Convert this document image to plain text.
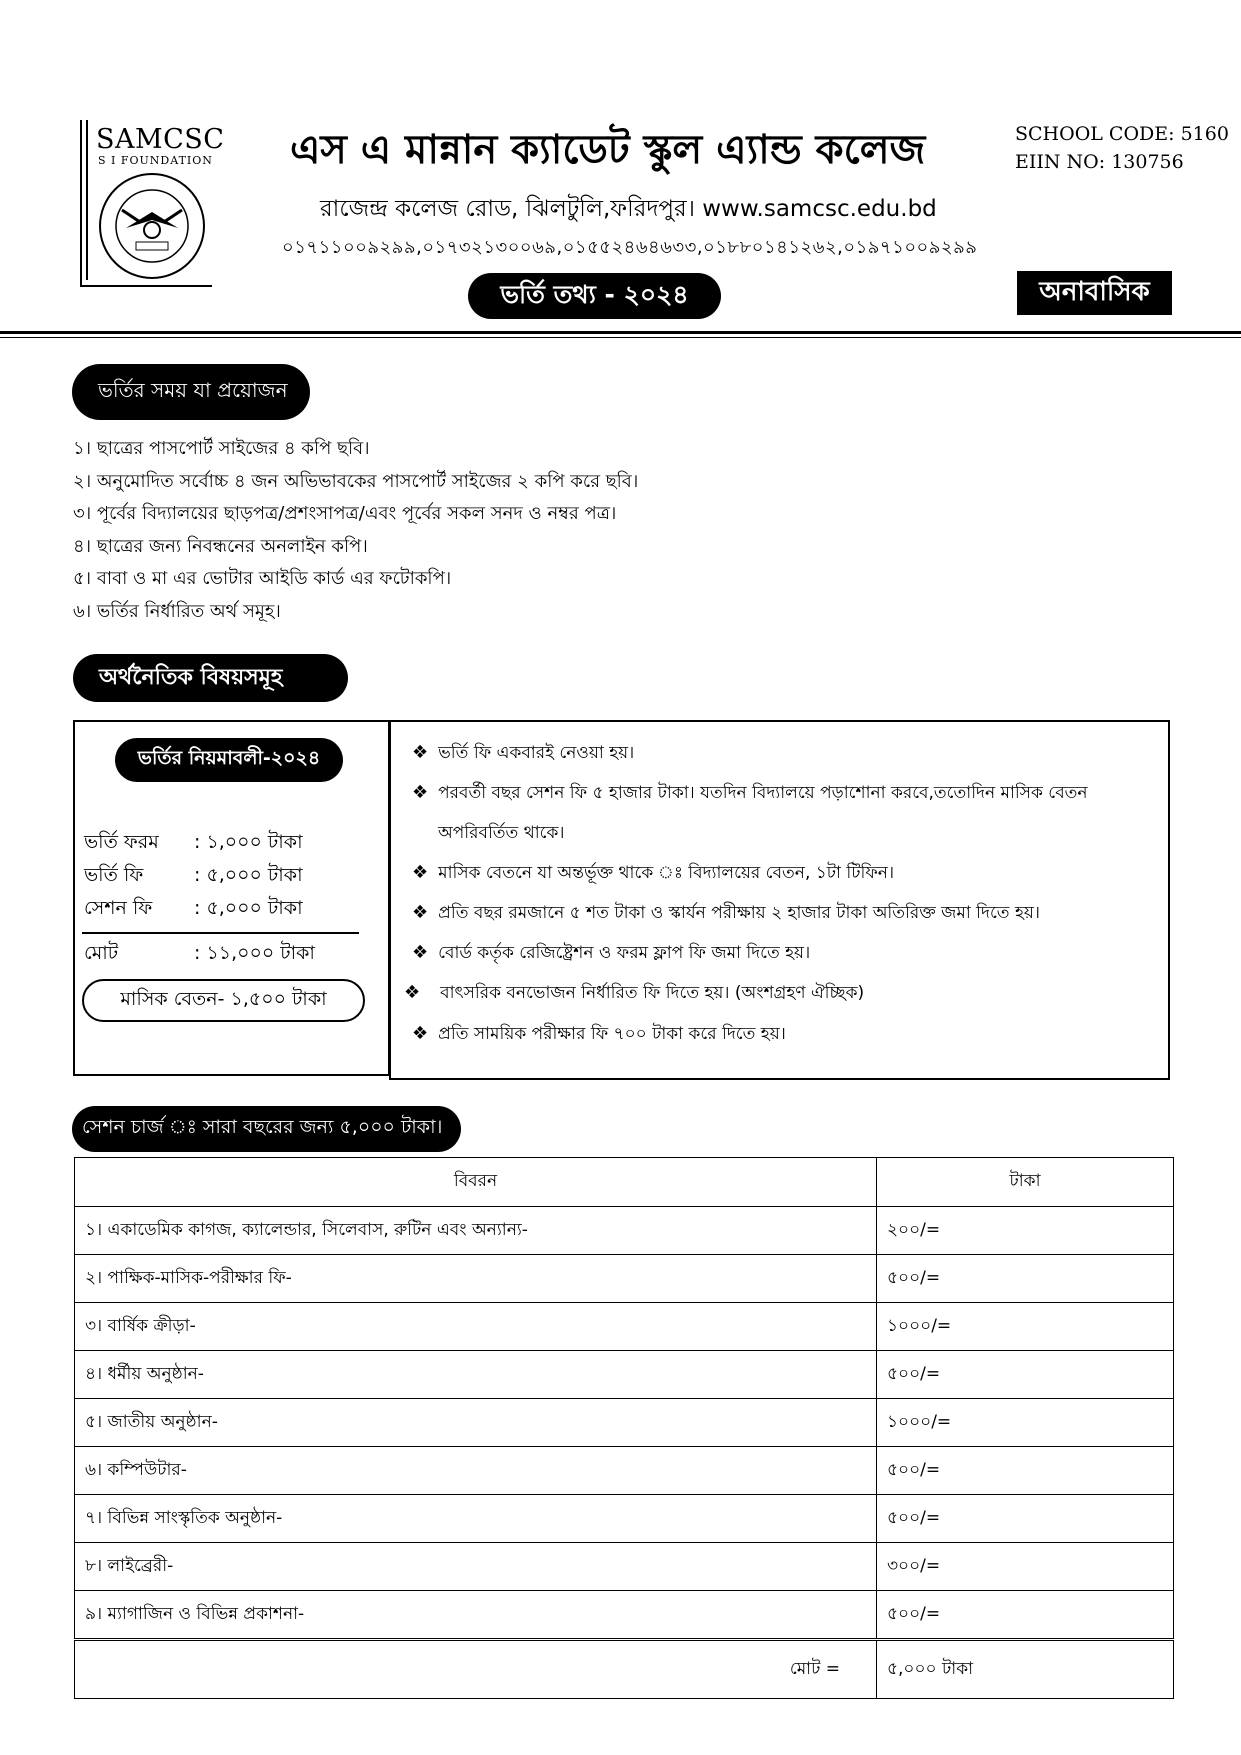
SAMCSC
S I FOUNDATION এস এ মান্নান ক্যাডেট স্কুল এ্যান্ড কলেজ	SCHOOL CODE: 5160
EIIN NO: 130756
রাজেন্দ্র কলেজ রোড, ঝিলটুলি,ফরিদপুর। www.samcsc.edu.bd
০১৭১১০০৯২৯৯,০১৭৩২১৩০০৬৯,০১৫৫২৪৬৪৬৩৩,০১৮৮০১৪১২৬২,০১৯৭১০০৯২৯৯
ভর্তি তথ্য - ২০২৪	অনাবাসিক
ভর্তির সময় যা প্রয়োজন
১। ছাত্রের পাসপোর্ট সাইজের ৪ কপি ছবি।
২। অনুমোদিত সর্বোচ্চ ৪ জন অভিভাবকের পাসপোর্ট সাইজের ২ কপি করে ছবি।
৩। পূর্বের বিদ্যালয়ের ছাড়পত্র/প্রশংসাপত্র/এবং পূর্বের সকল সনদ ও নম্বর পত্র।
৪। ছাত্রের জন্য নিবন্ধনের অনলাইন কপি।
৫। বাবা ও মা এর ভোটার আইডি কার্ড এর ফটোকপি।
৬। ভর্তির নির্ধারিত অর্থ সমূহ।
অর্থনৈতিক বিষয়সমূহ
ভর্তির নিয়মাবলী-২০২৪
ভর্তি ফরম : ১,০০০ টাকা
ভর্তি ফি	: ৫,০০০ টাকা
সেশন ফি : ৫,০০০ টাকা
মোট	: ১১,০০০ টাকা
মাসিক বেতন- ১,৫০০ টাকা
❖ ভর্তি ফি একবারই নেওয়া হয়।
❖ পরবর্তী বছর সেশন ফি ৫ হাজার টাকা। যতদিন বিদ্যালয়ে পড়াশোনা করবে,ততোদিন মাসিক বেতন
অপরিবর্তিত থাকে।
❖ মাসিক বেতনে যা অন্তর্ভূক্ত থাকে ঃ বিদ্যালয়ের বেতন, ১টা টিফিন।
❖ প্রতি বছর রমজানে ৫ শত টাকা ও স্কার্যন পরীক্ষায় ২ হাজার টাকা অতিরিক্ত জমা দিতে হয়।
❖ বোর্ড কর্তৃক রেজিষ্ট্রেশন ও ফরম ফ্লাপ ফি জমা দিতে হয়।
❖ বাৎসরিক বনভোজন নির্ধারিত ফি দিতে হয়। (অংশগ্রহণ ঐচ্ছিক)
❖ প্রতি সাময়িক পরীক্ষার ফি ৭০০ টাকা করে দিতে হয়।
সেশন চার্জ ঃ সারা বছরের জন্য ৫,০০০ টাকা।
বিবরন	টাকা
১। একাডেমিক কাগজ, ক্যালেন্ডার, সিলেবাস, রুটিন এবং অন্যান্য-	২০০/=
২। পাক্ষিক-মাসিক-পরীক্ষার ফি-	৫০০/=
৩। বার্ষিক ক্রীড়া-	১০০০/=
৪। ধর্মীয় অনুষ্ঠান-	৫০০/=
৫। জাতীয় অনুষ্ঠান-	১০০০/=
৬। কম্পিউটার-	৫০০/=
৭। বিভিন্ন সাংস্কৃতিক অনুষ্ঠান-	৫০০/=
৮। লাইব্রেরী-	৩০০/=
৯। ম্যাগাজিন ও বিভিন্ন প্রকাশনা-	৫০০/=
মোট =	৫,০০০ টাকা
